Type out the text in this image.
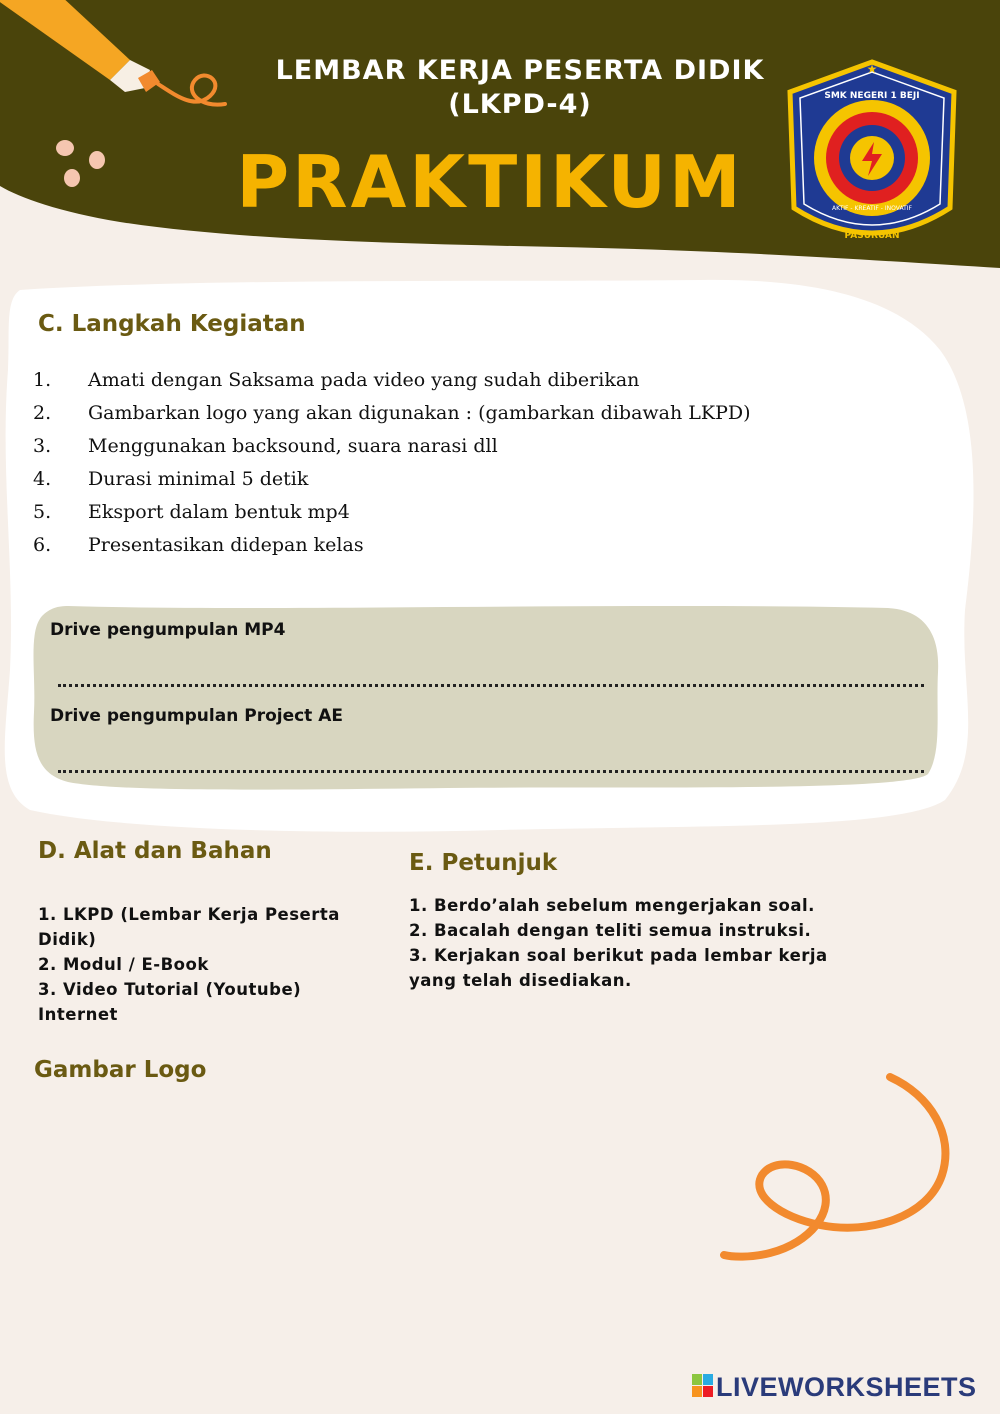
LEMBAR KERJA PESERTA DIDIK
(LKPD-4)
PRAKTIKUM
★
SMK NEGERI 1 BEJI
AKTIF - KREATIF - INOVATIF
PASURUAN
C. Langkah Kegiatan
1. Amati dengan Saksama pada video yang sudah diberikan
2. Gambarkan logo yang akan digunakan : (gambarkan dibawah LKPD)
3. Menggunakan backsound, suara narasi dll
4. Durasi minimal 5 detik
5. Eksport dalam bentuk mp4
6. Presentasikan didepan kelas
Drive pengumpulan MP4
Drive pengumpulan Project AE
D. Alat dan Bahan
1. LKPD (Lembar Kerja Peserta
Didik)
2. Modul / E-Book
3. Video Tutorial (Youtube)
Internet
E. Petunjuk
1. Berdo’alah sebelum mengerjakan soal.
2. Bacalah dengan teliti semua instruksi.
3. Kerjakan soal berikut pada lembar kerja
yang telah disediakan.
Gambar Logo
LIVEWORKSHEETS
